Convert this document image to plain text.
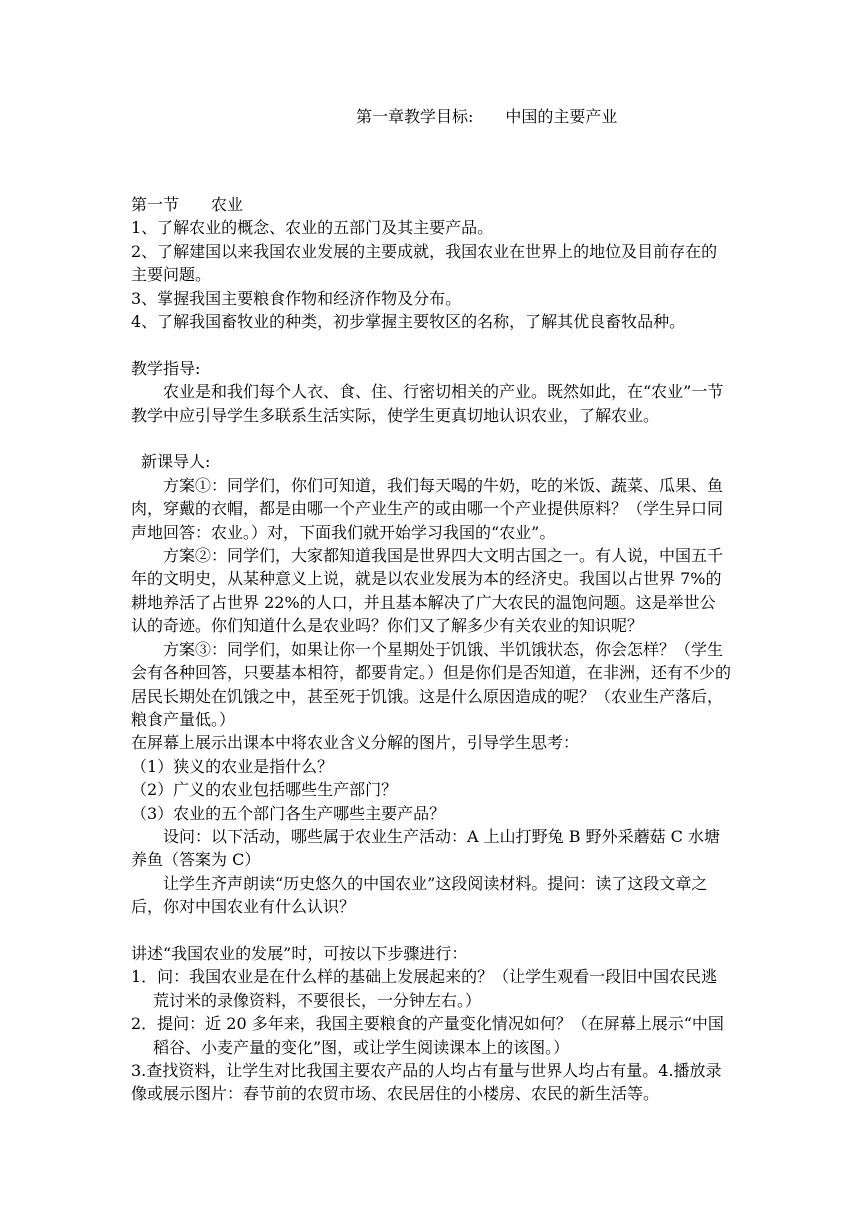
第一章教学目标: 中国的主要产业

第一节 农业

1、了解农业的概念、农业的五部门及其主要产品。

2、了解建国以来我国农业发展的主要成就，我国农业在世界上的地位及目前存在的主要问题。

3、掌握我国主要粮食作物和经济作物及分布。

4、了解我国畜牧业的种类，初步掌握主要牧区的名称，了解其优良畜牧品种。

教学指导:

农业是和我们每个人衣、食、住、行密切相关的产业。既然如此，在“农业”一节教学中应引导学生多联系生活实际，使学生更真切地认识农业，了解农业。

新课导人:

方案①：同学们，你们可知道，我们每天喝的牛奶，吃的米饭、蔬菜、瓜果、鱼肉，穿戴的衣帽，都是由哪一个产业生产的或由哪一个产业提供原料？（学生异口同声地回答：农业。）对，下面我们就开始学习我国的“农业”。

方案②：同学们，大家都知道我国是世界四大文明古国之一。有人说，中国五千年的文明史，从某种意义上说，就是以农业发展为本的经济史。我国以占世界 7%的耕地养活了占世界 22%的人口，并且基本解决了广大农民的温饱问题。这是举世公认的奇迹。你们知道什么是农业吗？你们又了解多少有关农业的知识呢？

方案③：同学们，如果让你一个星期处于饥饿、半饥饿状态，你会怎样？（学生会有各种回答，只要基本相符，都要肯定。）但是你们是否知道，在非洲，还有不少的居民长期处在饥饿之中，甚至死于饥饿。这是什么原因造成的呢？（农业生产落后，粮食产量低。）

在屏幕上展示出课本中将农业含义分解的图片，引导学生思考：

（1）狭义的农业是指什么？

（2）广义的农业包括哪些生产部门？

（3）农业的五个部门各生产哪些主要产品？

设问：以下活动，哪些属于农业生产活动：A 上山打野兔 B 野外采蘑菇 C 水塘养鱼（答案为 C）

让学生齐声朗读“历史悠久的中国农业”这段阅读材料。提问：读了这段文章之后，你对中国农业有什么认识？

讲述“我国农业的发展”时，可按以下步骤进行：

1．问：我国农业是在什么样的基础上发展起来的？（让学生观看一段旧中国农民逃荒讨米的录像资料，不要很长，一分钟左右。）

2．提问：近 20 多年来，我国主要粮食的产量变化情况如何？（在屏幕上展示“中国稻谷、小麦产量的变化”图，或让学生阅读课本上的该图。）

3.查找资料，让学生对比我国主要农产品的人均占有量与世界人均占有量。4.播放录像或展示图片：春节前的农贸市场、农民居住的小楼房、农民的新生活等。
